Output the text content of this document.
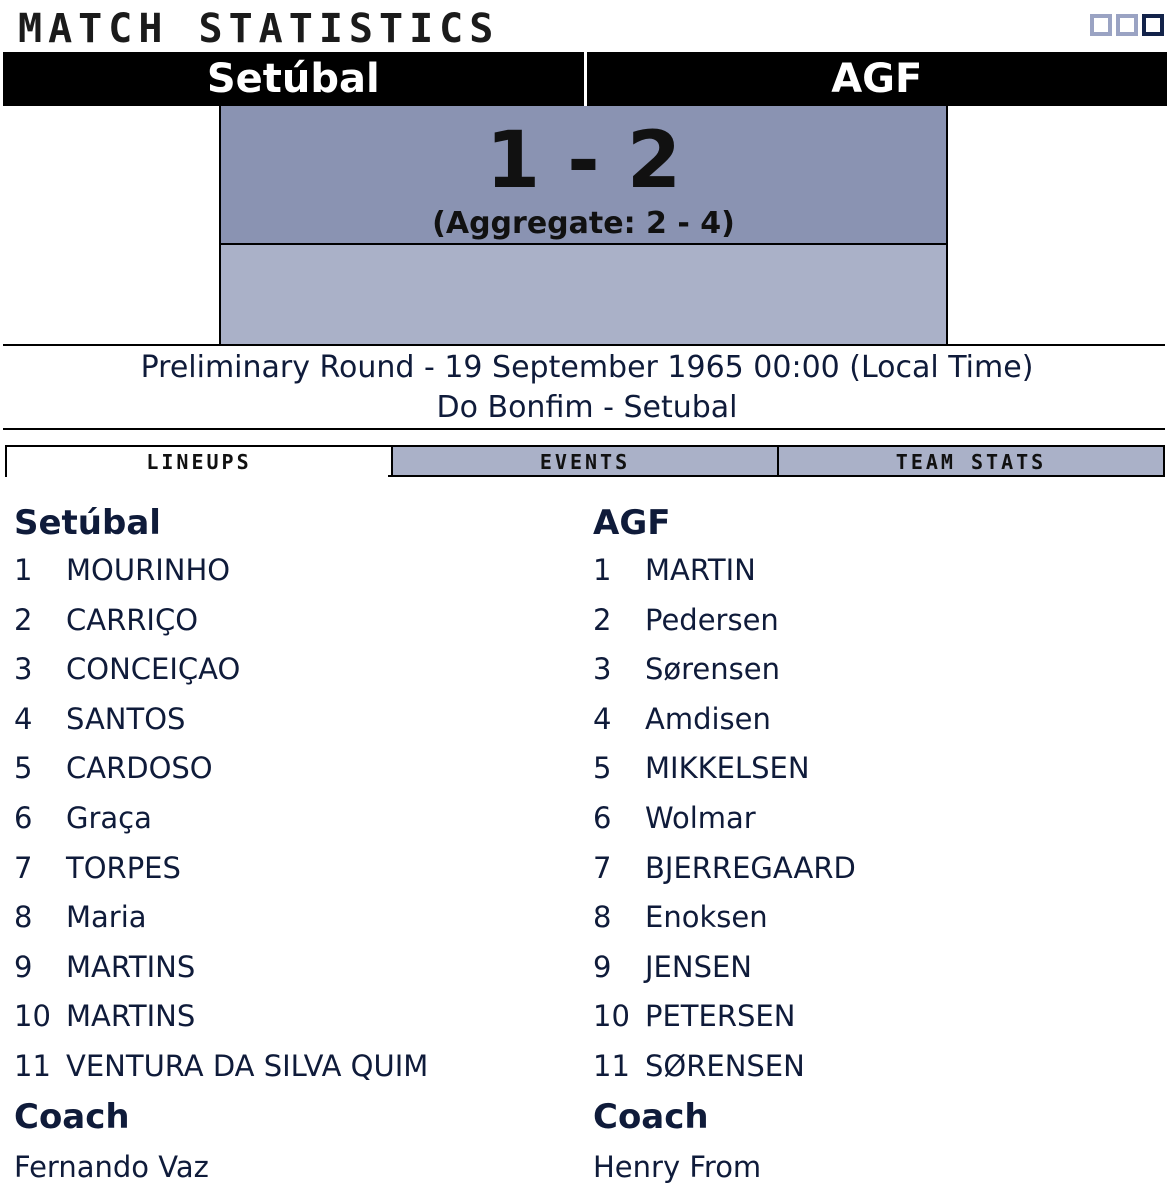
MATCH STATISTICS
Setúbal	AGF
1 - 2
(Aggregate: 2 - 4)
Preliminary Round - 19 September 1965 00:00 (Local Time)
Do Bonfim - Setubal
LINEUPS	EVENTS	TEAM STATS
Setúbal
1 MOURINHO
2 CARRIÇO
3 CONCEIÇAO
4 SANTOS
5 CARDOSO
6 Graça
7 TORPES
8 Maria
9 MARTINS
10 MARTINS
11 VENTURA DA SILVA QUIM
Coach
Fernando Vaz
AGF
1 MARTIN
2 Pedersen
3 Sørensen
4 Amdisen
5 MIKKELSEN
6 Wolmar
7 BJERREGAARD
8 Enoksen
9 JENSEN
10 PETERSEN
11 SØRENSEN
Coach
Henry From
